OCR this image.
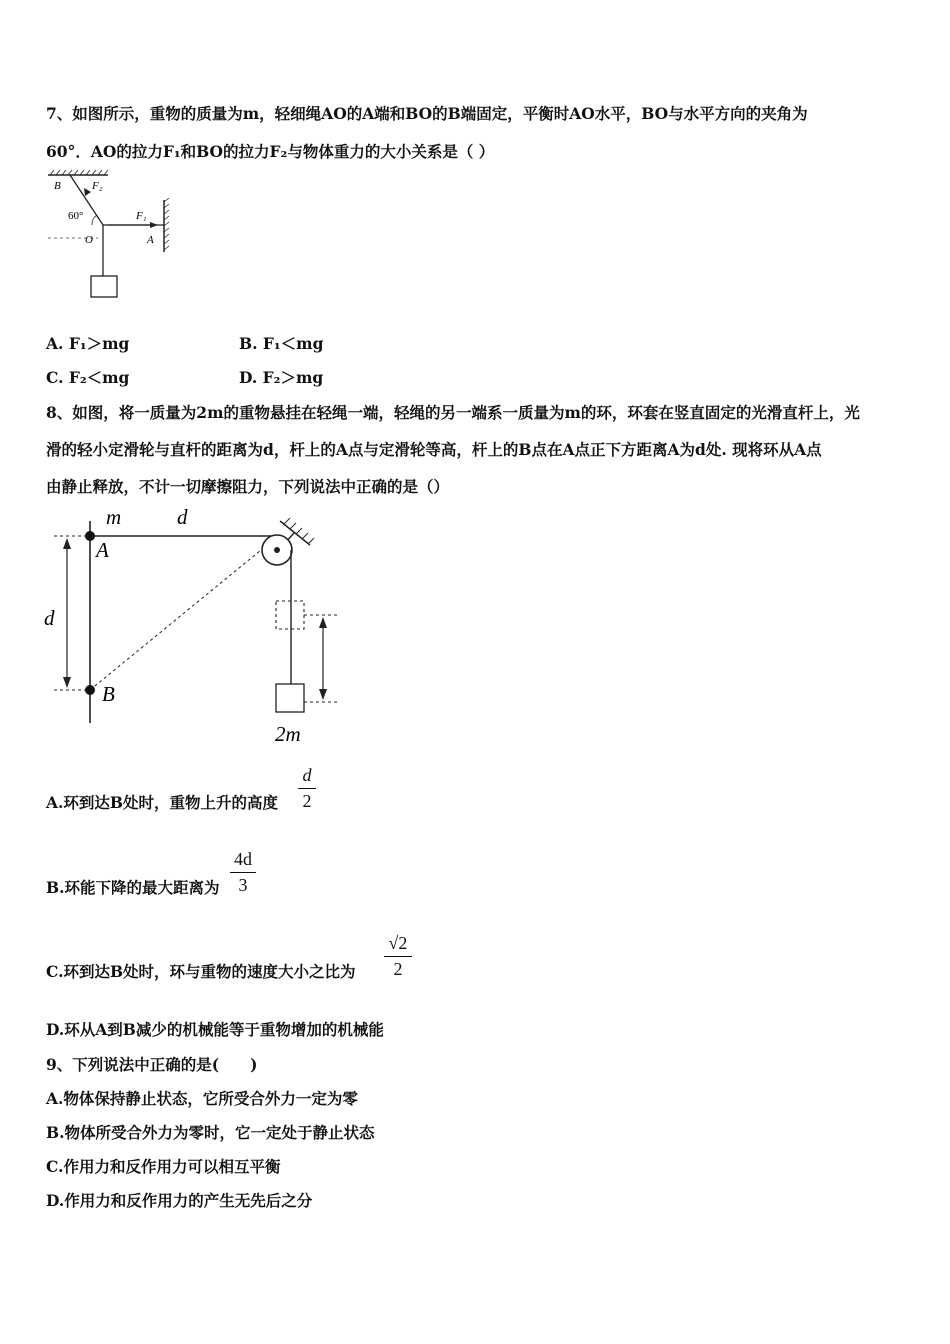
7、如图所示，重物的质量为m，轻细绳AO的A端和BO的B端固定，平衡时AO水平，BO与水平方向的夹角为
60°．AO的拉力F₁和BO的拉力F₂与物体重力的大小关系是（ ）
B	F₂
60°	F₁
O	A
A. F₁＞mg	B. F₁＜mg
C. F₂＜mg	D. F₂＞mg
8、如图，将一质量为2m的重物悬挂在轻绳一端，轻绳的另一端系一质量为m的环，环套在竖直固定的光滑直杆上，光
滑的轻小定滑轮与直杆的距离为d，杆上的A点与定滑轮等高，杆上的B点在A点正下方距离A为d处. 现将环从A点
由静止释放，不计一切摩擦阻力，下列说法中正确的是（）
m	d
A
d
B
2m
A.环到达B处时，重物上升的高度
d
2
B.环能下降的最大距离为
4d
3
C.环到达B处时，环与重物的速度大小之比为
√2
2
D.环从A到B减少的机械能等于重物增加的机械能
9、下列说法中正确的是(　　)
A.物体保持静止状态，它所受合外力一定为零
B.物体所受合外力为零时，它一定处于静止状态
C.作用力和反作用力可以相互平衡
D.作用力和反作用力的产生无先后之分
